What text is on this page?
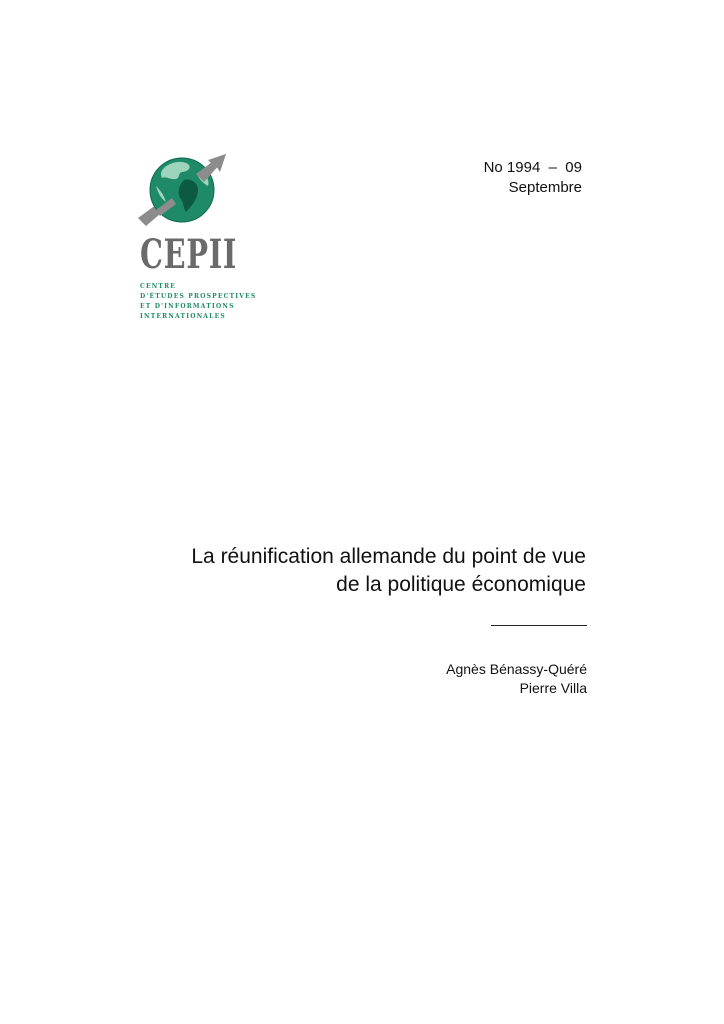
CEPII
CENTRE
D'ÉTUDES PROSPECTIVES
ET D'INFORMATIONS
INTERNATIONALES
No 1994  –  09
Septembre
La réunification allemande du point de vue
de la politique économique
Agnès Bénassy-Quéré
Pierre Villa
